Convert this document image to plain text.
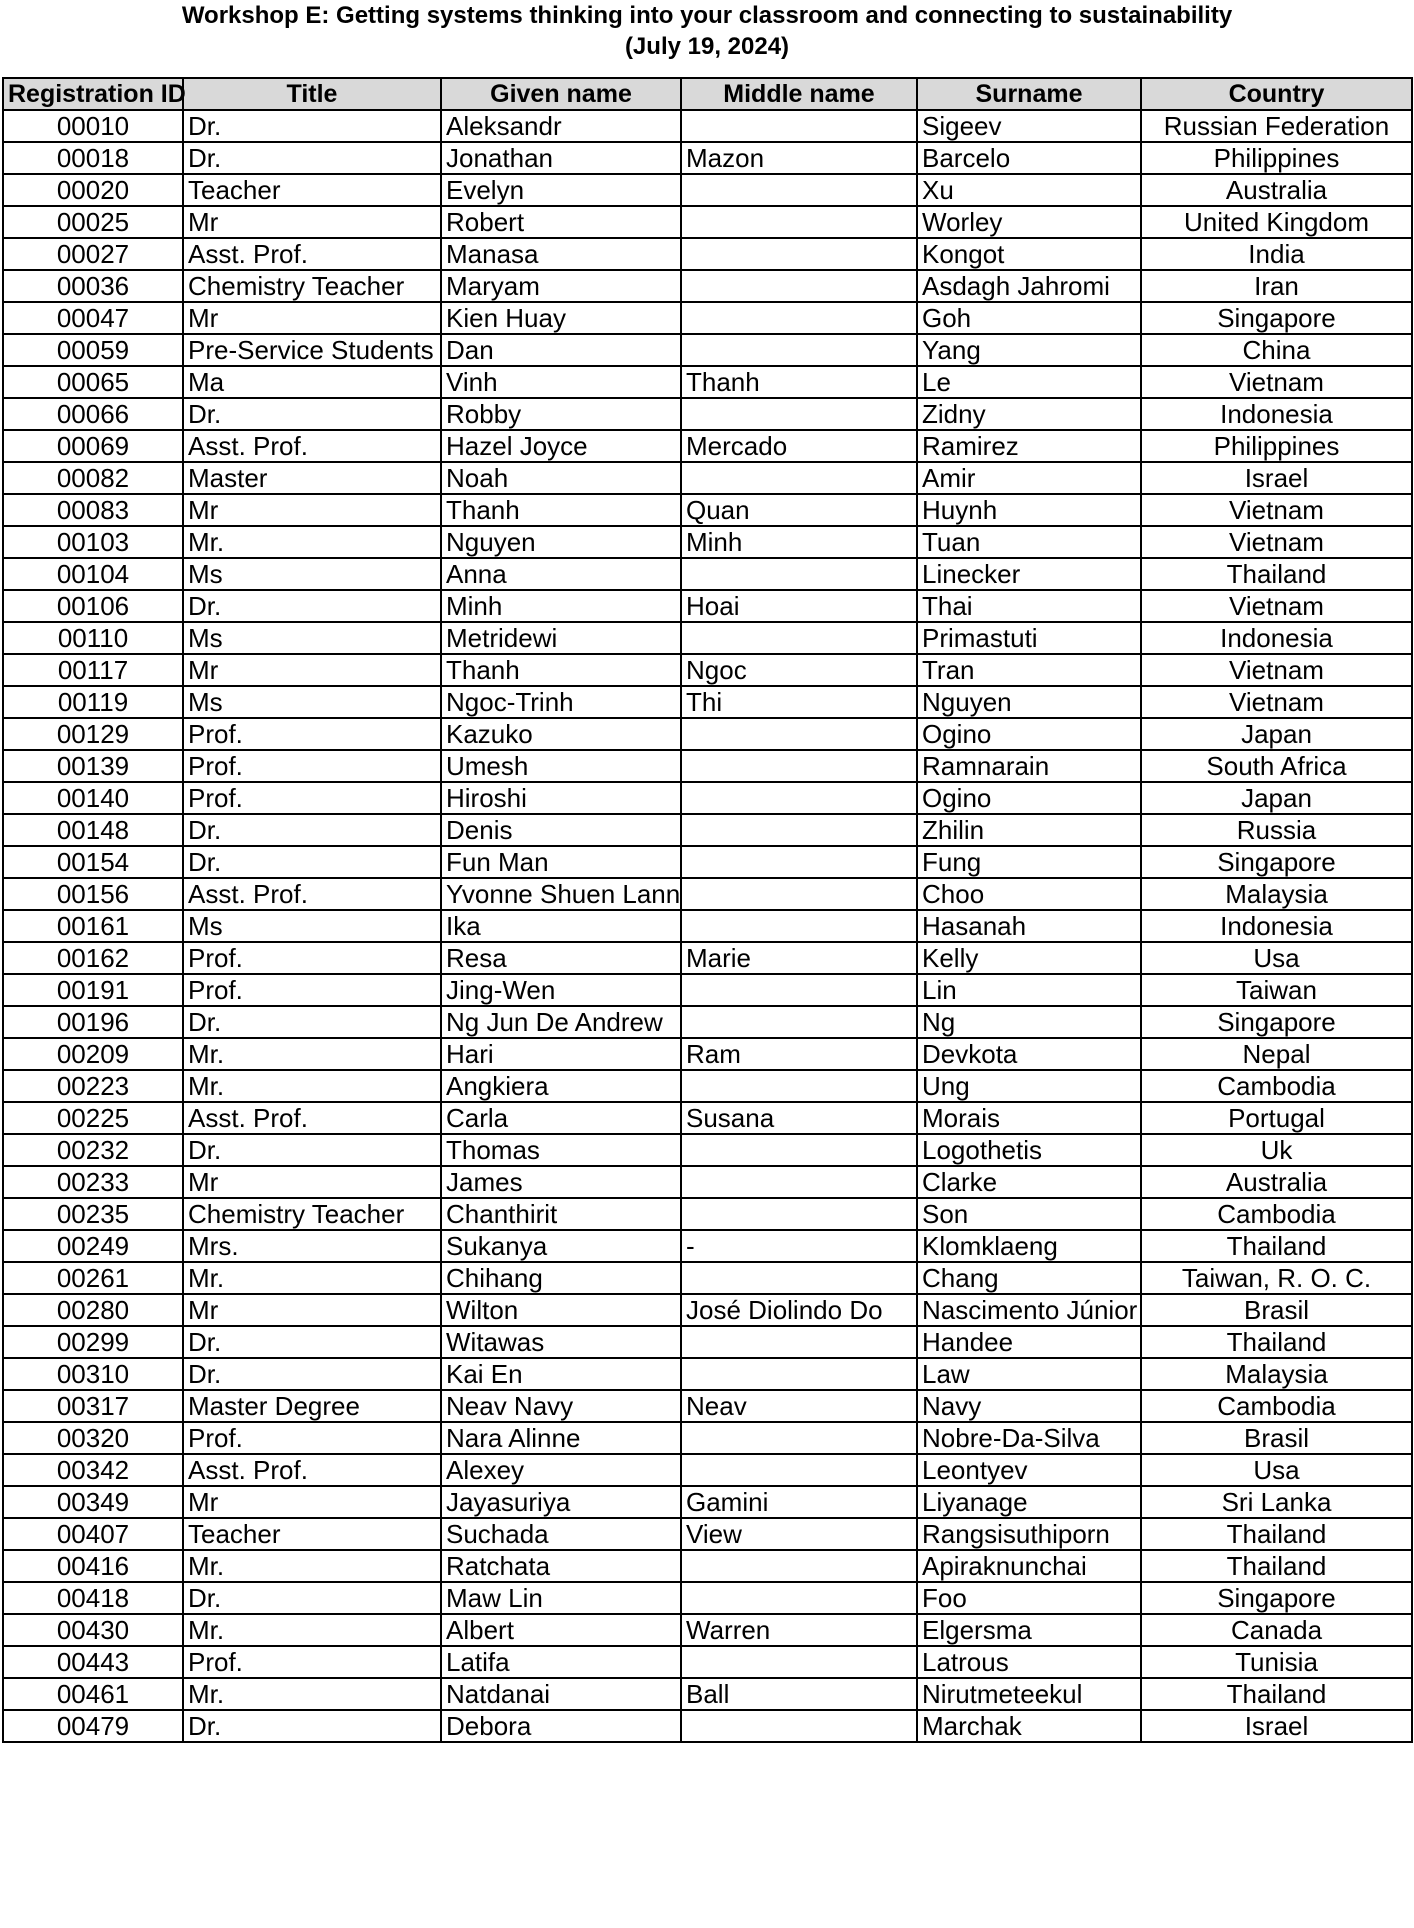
Workshop E: Getting systems thinking into your classroom and connecting to sustainability
(July 19, 2024)
Registration ID	Title	Given name	Middle name	Surname	Country
00010	Dr.	Aleksandr		Sigeev	Russian Federation
00018	Dr.	Jonathan	Mazon	Barcelo	Philippines
00020	Teacher	Evelyn		Xu	Australia
00025	Mr	Robert		Worley	United Kingdom
00027	Asst. Prof.	Manasa		Kongot	India
00036	Chemistry Teacher	Maryam		Asdagh Jahromi	Iran
00047	Mr	Kien Huay		Goh	Singapore
00059	Pre-Service Students	Dan		Yang	China
00065	Ma	Vinh	Thanh	Le	Vietnam
00066	Dr.	Robby		Zidny	Indonesia
00069	Asst. Prof.	Hazel Joyce	Mercado	Ramirez	Philippines
00082	Master	Noah		Amir	Israel
00083	Mr	Thanh	Quan	Huynh	Vietnam
00103	Mr.	Nguyen	Minh	Tuan	Vietnam
00104	Ms	Anna		Linecker	Thailand
00106	Dr.	Minh	Hoai	Thai	Vietnam
00110	Ms	Metridewi		Primastuti	Indonesia
00117	Mr	Thanh	Ngoc	Tran	Vietnam
00119	Ms	Ngoc-Trinh	Thi	Nguyen	Vietnam
00129	Prof.	Kazuko		Ogino	Japan
00139	Prof.	Umesh		Ramnarain	South Africa
00140	Prof.	Hiroshi		Ogino	Japan
00148	Dr.	Denis		Zhilin	Russia
00154	Dr.	Fun Man		Fung	Singapore
00156	Asst. Prof.	Yvonne Shuen Lann		Choo	Malaysia
00161	Ms	Ika		Hasanah	Indonesia
00162	Prof.	Resa	Marie	Kelly	Usa
00191	Prof.	Jing-Wen		Lin	Taiwan
00196	Dr.	Ng Jun De Andrew		Ng	Singapore
00209	Mr.	Hari	Ram	Devkota	Nepal
00223	Mr.	Angkiera		Ung	Cambodia
00225	Asst. Prof.	Carla	Susana	Morais	Portugal
00232	Dr.	Thomas		Logothetis	Uk
00233	Mr	James		Clarke	Australia
00235	Chemistry Teacher	Chanthirit		Son	Cambodia
00249	Mrs.	Sukanya	-	Klomklaeng	Thailand
00261	Mr.	Chihang		Chang	Taiwan, R. O. C.
00280	Mr	Wilton	José Diolindo Do	Nascimento Júnior	Brasil
00299	Dr.	Witawas		Handee	Thailand
00310	Dr.	Kai En		Law	Malaysia
00317	Master Degree	Neav Navy	Neav	Navy	Cambodia
00320	Prof.	Nara Alinne		Nobre-Da-Silva	Brasil
00342	Asst. Prof.	Alexey		Leontyev	Usa
00349	Mr	Jayasuriya	Gamini	Liyanage	Sri Lanka
00407	Teacher	Suchada	View	Rangsisuthiporn	Thailand
00416	Mr.	Ratchata		Apiraknunchai	Thailand
00418	Dr.	Maw Lin		Foo	Singapore
00430	Mr.	Albert	Warren	Elgersma	Canada
00443	Prof.	Latifa		Latrous	Tunisia
00461	Mr.	Natdanai	Ball	Nirutmeteekul	Thailand
00479	Dr.	Debora		Marchak	Israel
